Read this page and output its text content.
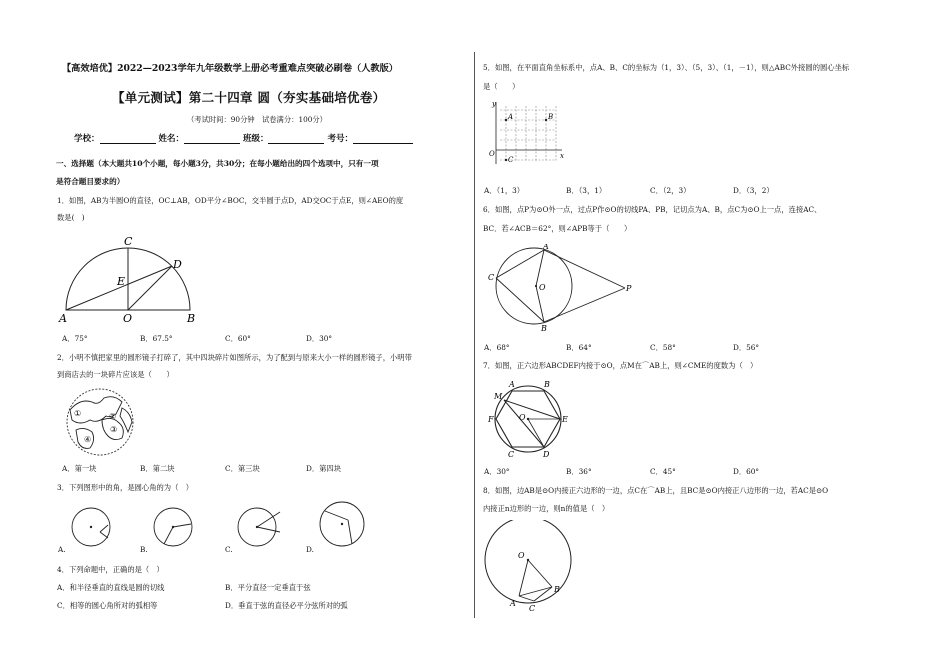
【高效培优】2022—2023学年九年级数学上册必考重难点突破必刷卷（人教版）
【单元测试】第二十四章 圆（夯实基础培优卷）
（考试时间：90分钟　试卷满分：100分）
学校：	姓名：	班级：	考号：
一、选择题（本大题共10个小题，每小题3分，共30分；在每小题给出的四个选项中，只有一项
是符合题目要求的）
1．如图，AB为半圆O的直径，OC⊥AB，OD平分∠BOC，交半圆于点D，AD交OC于点E，则∠AEO的度
数是(　)
C
D
E
A	O	B
A．75°	B．67.5°	C．60°	D．30°
2．小明不慎把家里的圆形镜子打碎了，其中四块碎片如图所示，为了配到与原来大小一样的圆形镜子，小明带
到商店去的一块碎片应该是（　　）
①	②
③
④
A．第一块	B．第二块	C．第三块	D．第四块
3．下列图形中的角，是圆心角的为（　）
A.	B.	C.	D.
4．下列命题中，正确的是（　）
A．和半径垂直的直线是圆的切线	B．平分直径一定垂直于弦
C．相等的圆心角所对的弧相等	D．垂直于弦的直径必平分弦所对的弧
5．如图，在平面直角坐标系中，点A、B、C的坐标为（1，3）、（5，3）、（1，－1），则△ABC外接圆的圆心坐标
是（　　）
y
A	B
O
C	x
A．（1，3）	B．（3，1）	C．（2，3）	D．（3，2）
6．如图，点P为⊙O外一点，过点P作⊙O的切线PA、PB，记切点为A、B，点C为⊙O上一点，连接AC、
BC．若∠ACB＝62°，则∠APB等于（　　）
A
C
O
B
P
A．68°	B．64°	C．58°	D．56°
7．如图，正六边形ABCDEF内接于⊙O，点M在⌒AB上，则∠CME的度数为（　）
A	B
M
O	E
F
C	D
A．30°	B．36°	C．45°	D．60°
8．如图，边AB是⊙O内接正六边形的一边，点C在⌒AB上，且BC是⊙O内接正八边形的一边，若AC是⊙O
内接正n边形的一边，则n的值是（　）
O
B
A
C
